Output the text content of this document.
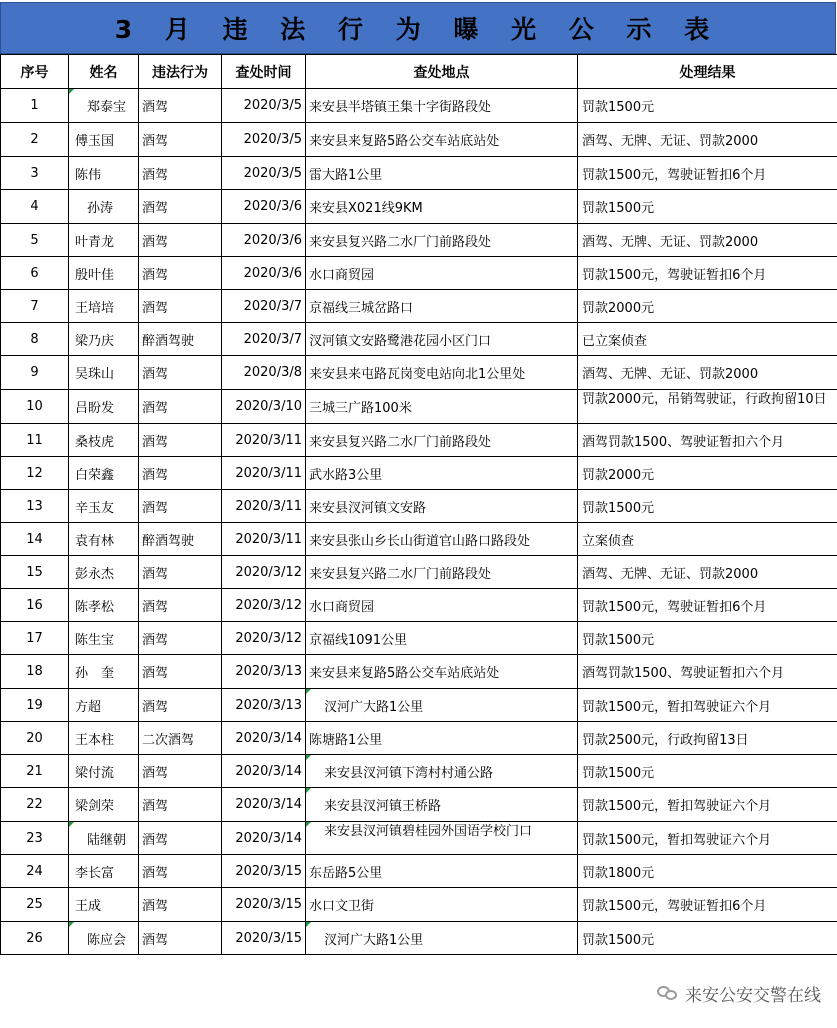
3 月 违 法 行 为 曝 光 公 示 表
序号	姓名	违法行为	查处时间	查处地点	处理结果
1	郑泰宝	酒驾	2020/3/5	来安县半塔镇王集十字街路段处	罚款1500元
2	傅玉国	酒驾	2020/3/5	来安县来复路5路公交车站底站处	酒驾、无牌、无证、罚款2000
3	陈伟	酒驾	2020/3/5	雷大路1公里	罚款1500元，驾驶证暂扣6个月
4	孙涛	酒驾	2020/3/6	来安县X021线9KM	罚款1500元
5	叶青龙	酒驾	2020/3/6	来安县复兴路二水厂门前路段处	酒驾、无牌、无证、罚款2000
6	殷叶佳	酒驾	2020/3/6	水口商贸园	罚款1500元，驾驶证暂扣6个月
7	王培培	酒驾	2020/3/7	京福线三城岔路口	罚款2000元
8	梁乃庆	醉酒驾驶	2020/3/7	汊河镇文安路鹭港花园小区门口	已立案侦查
9	吴珠山	酒驾	2020/3/8	来安县来屯路瓦岗变电站向北1公里处	酒驾、无牌、无证、罚款2000
10	吕盼发	酒驾	2020/3/10	三城三广路100米	罚款2000元，吊销驾驶证，行政拘留10日
11	桑枝虎	酒驾	2020/3/11	来安县复兴路二水厂门前路段处	酒驾罚款1500、驾驶证暂扣六个月
12	白荣鑫	酒驾	2020/3/11	武水路3公里	罚款2000元
13	辛玉友	酒驾	2020/3/11	来安县汊河镇文安路	罚款1500元
14	袁有林	醉酒驾驶	2020/3/11	来安县张山乡长山街道官山路口路段处	立案侦查
15	彭永杰	酒驾	2020/3/12	来安县复兴路二水厂门前路段处	酒驾、无牌、无证、罚款2000
16	陈孝松	酒驾	2020/3/12	水口商贸园	罚款1500元，驾驶证暂扣6个月
17	陈生宝	酒驾	2020/3/12	京福线1091公里	罚款1500元
18	孙　奎	酒驾	2020/3/13	来安县来复路5路公交车站底站处	酒驾罚款1500、驾驶证暂扣六个月
19	方超	酒驾	2020/3/13	汊河广大路1公里	罚款1500元，暂扣驾驶证六个月
20	王本柱	二次酒驾	2020/3/14	陈塘路1公里	罚款2500元，行政拘留13日
21	梁付流	酒驾	2020/3/14	来安县汊河镇下湾村村通公路	罚款1500元
22	梁剑荣	酒驾	2020/3/14	来安县汊河镇王桥路	罚款1500元，暂扣驾驶证六个月
23	陆继朝	酒驾	2020/3/14	来安县汊河镇碧桂园外国语学校门口	罚款1500元，暂扣驾驶证六个月
24	李长富	酒驾	2020/3/15	东岳路5公里	罚款1800元
25	王成	酒驾	2020/3/15	水口文卫街	罚款1500元，驾驶证暂扣6个月
26	陈应会	酒驾	2020/3/15	汊河广大路1公里	罚款1500元
来安公安交警在线
